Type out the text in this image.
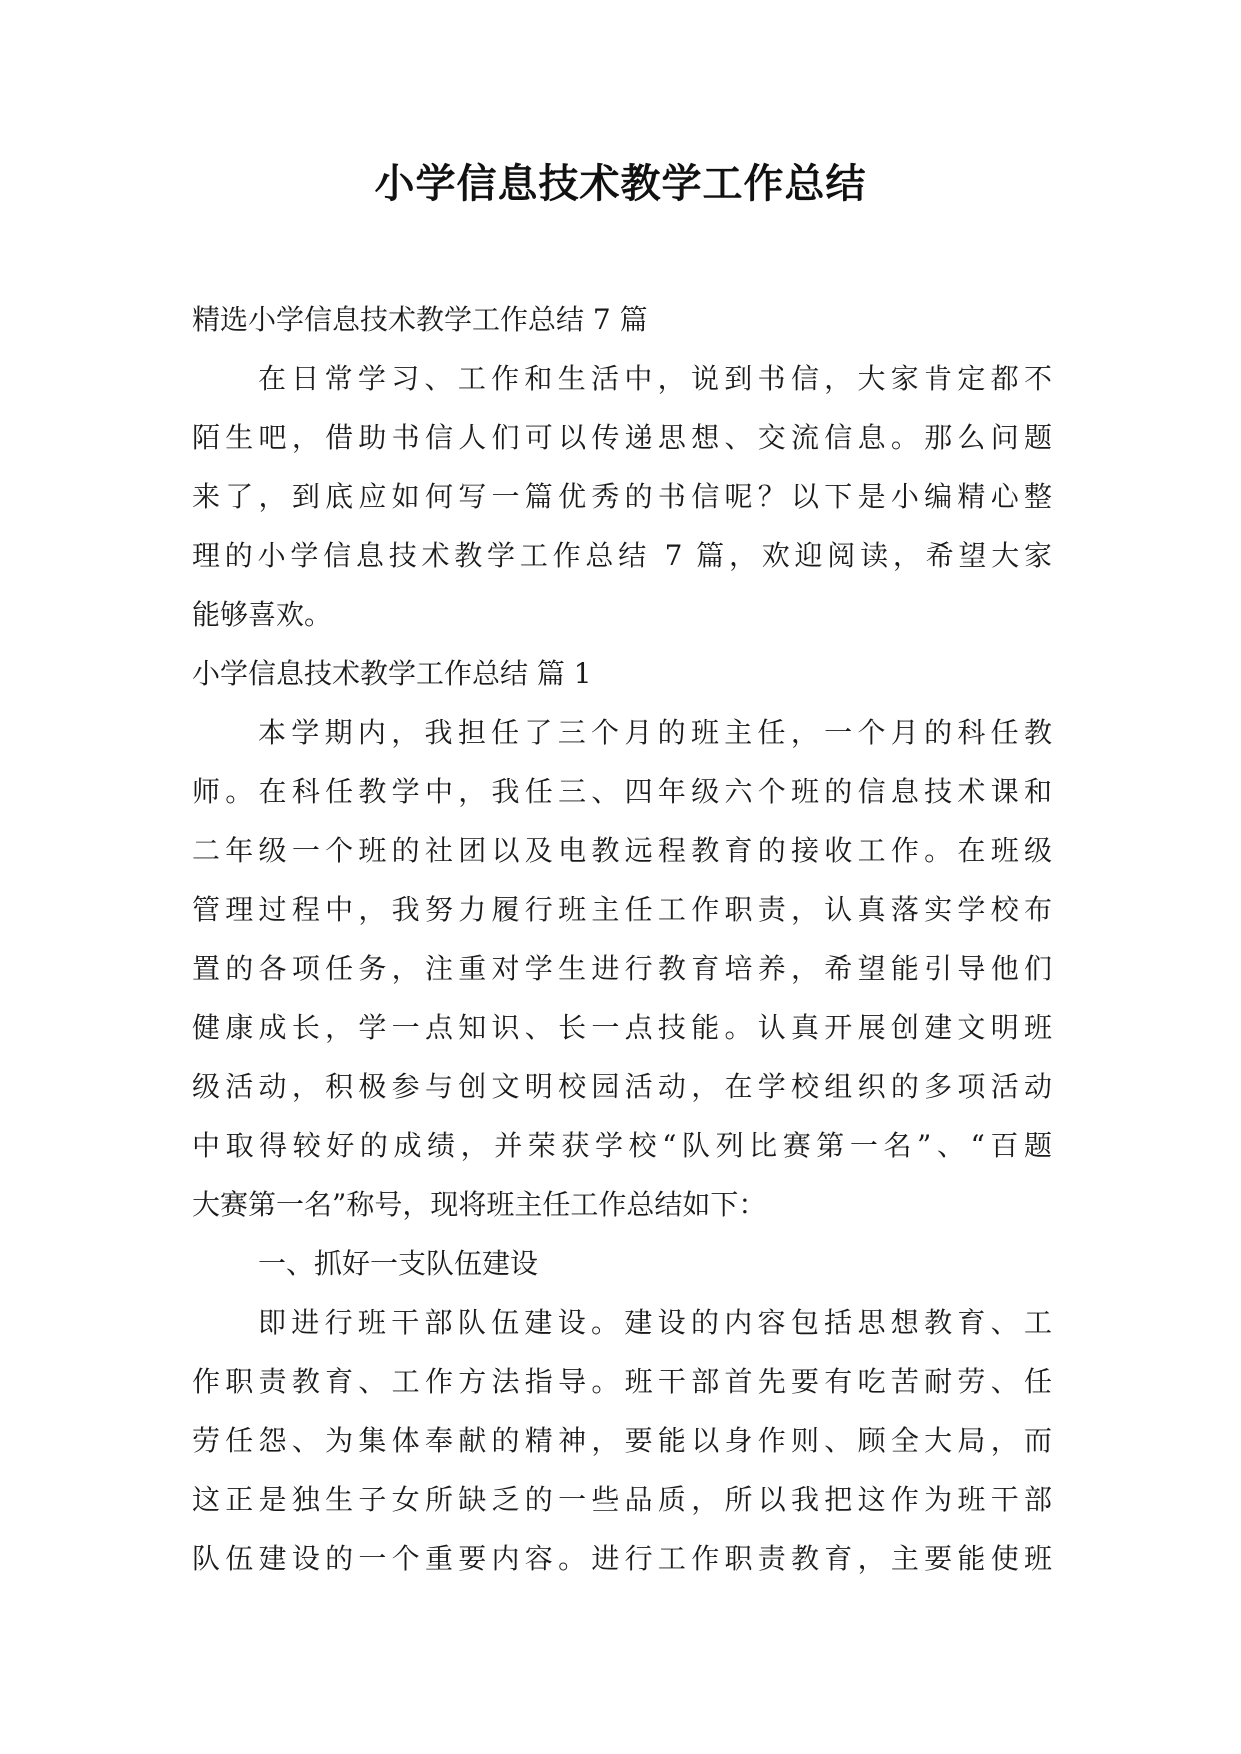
小学信息技术教学工作总结
精选小学信息技术教学工作总结 7 篇
在日常学习、工作和生活中，说到书信，大家肯定都不
陌生吧，借助书信人们可以传递思想、交流信息。那么问题
来了，到底应如何写一篇优秀的书信呢？以下是小编精心整
理的小学信息技术教学工作总结 7 篇，欢迎阅读，希望大家
能够喜欢。
小学信息技术教学工作总结 篇 1
本学期内，我担任了三个月的班主任，一个月的科任教
师。在科任教学中，我任三、四年级六个班的信息技术课和
二年级一个班的社团以及电教远程教育的接收工作。在班级
管理过程中，我努力履行班主任工作职责，认真落实学校布
置的各项任务，注重对学生进行教育培养，希望能引导他们
健康成长，学一点知识、长一点技能。认真开展创建文明班
级活动，积极参与创文明校园活动，在学校组织的多项活动
中取得较好的成绩，并荣获学校“队列比赛第一名”、“百题
大赛第一名”称号，现将班主任工作总结如下：
一、抓好一支队伍建设
即进行班干部队伍建设。建设的内容包括思想教育、工
作职责教育、工作方法指导。班干部首先要有吃苦耐劳、任
劳任怨、为集体奉献的精神，要能以身作则、顾全大局，而
这正是独生子女所缺乏的一些品质，所以我把这作为班干部
队伍建设的一个重要内容。进行工作职责教育，主要能使班
